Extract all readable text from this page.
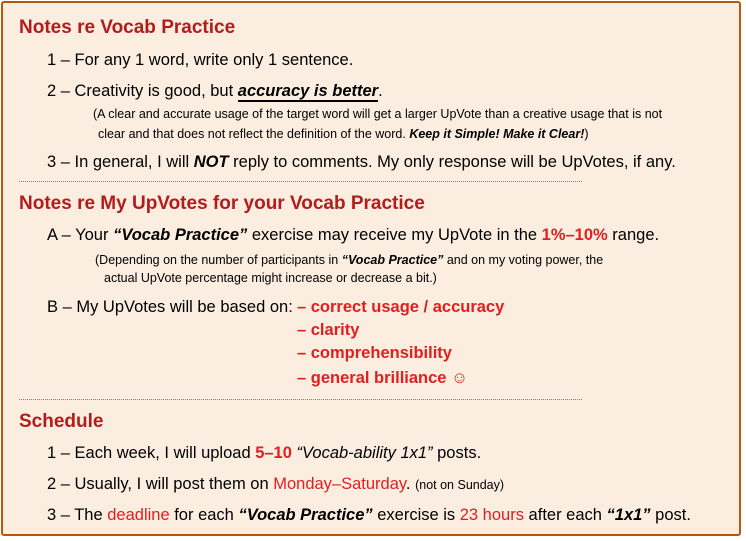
Notes re Vocab Practice
1 – For any 1 word, write only 1 sentence.
2 – Creativity is good, but accuracy is better.
(A clear and accurate usage of the target word will get a larger UpVote than a creative usage that is not
clear and that does not reflect the definition of the word. Keep it Simple! Make it Clear!)
3 – In general, I will NOT reply to comments. My only response will be UpVotes, if any.
Notes re My UpVotes for your Vocab Practice
A – Your “Vocab Practice” exercise may receive my UpVote in the 1%–10% range.
(Depending on the number of participants in “Vocab Practice” and on my voting power, the
actual UpVote percentage might increase or decrease a bit.)
B – My UpVotes will be based on: – correct usage / accuracy
– clarity
– comprehensibility
– general brilliance ☺
Schedule
1 – Each week, I will upload 5–10 “Vocab-ability 1x1” posts.
2 – Usually, I will post them on Monday–Saturday. (not on Sunday)
3 – The deadline for each “Vocab Practice” exercise is 23 hours after each “1x1” post.
